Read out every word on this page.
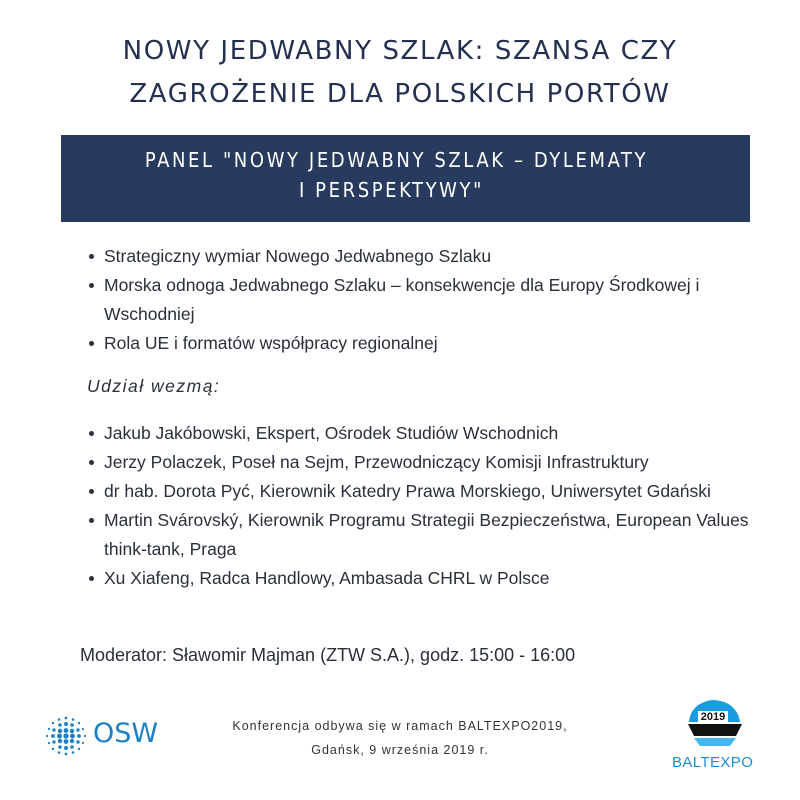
NOWY JEDWABNY SZLAK: SZANSA CZY
ZAGROŻENIE DLA POLSKICH PORTÓW
PANEL "NOWY JEDWABNY SZLAK – DYLEMATY
I PERSPEKTYWY"
Strategiczny wymiar Nowego Jedwabnego Szlaku
Morska odnoga Jedwabnego Szlaku – konsekwencje dla Europy Środkowej i Wschodniej
Rola UE i formatów współpracy regionalnej
Udział wezmą:
Jakub Jakóbowski, Ekspert, Ośrodek Studiów Wschodnich
Jerzy Polaczek, Poseł na Sejm, Przewodniczący Komisji Infrastruktury
dr hab. Dorota Pyć, Kierownik Katedry Prawa Morskiego, Uniwersytet Gdański
Martin Svárovský, Kierownik Programu Strategii Bezpieczeństwa, European Values think-tank, Praga
Xu Xiafeng, Radca Handlowy, Ambasada CHRL w Polsce
Moderator: Sławomir Majman (ZTW S.A.), godz. 15:00 - 16:00
Konferencja odbywa się w ramach BALTEXPO2019,
Gdańsk, 9 września 2019 r.
OSW
2019
BALTEXPO
